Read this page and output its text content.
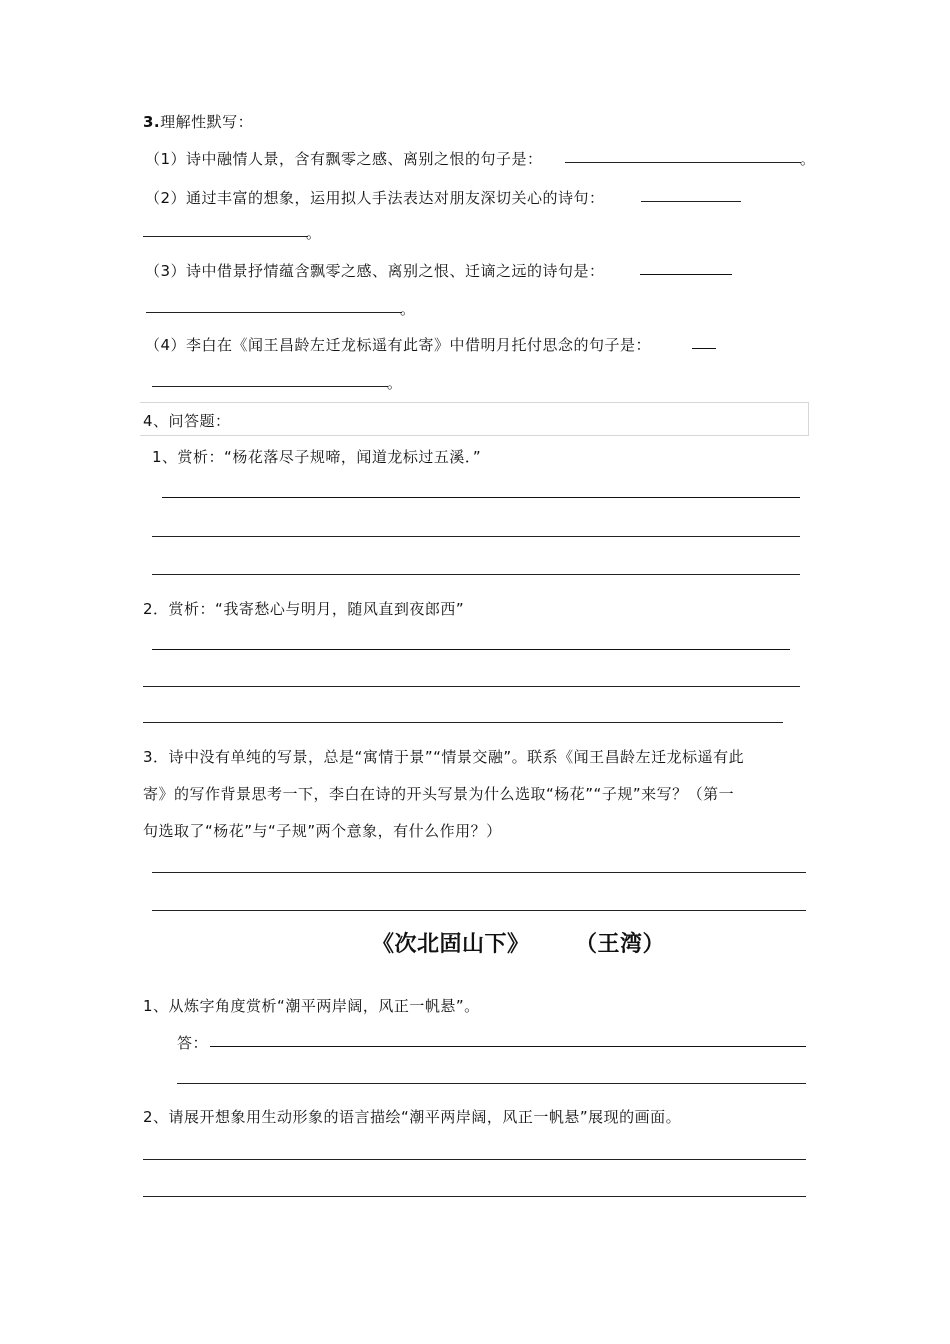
3.理解性默写：
（1）诗中融情人景，含有飘零之感、离别之恨的句子是：	。
（2）通过丰富的想象，运用拟人手法表达对朋友深切关心的诗句：
。
（3）诗中借景抒情蕴含飘零之感、离别之恨、迁谪之远的诗句是：
。
（4）李白在《闻王昌龄左迁龙标遥有此寄》中借明月托付思念的句子是：
。
4、问答题：
1、赏析：“杨花落尽子规啼，闻道龙标过五溪．”
2．赏析：“我寄愁心与明月，随风直到夜郎西”
3．诗中没有单纯的写景，总是“寓情于景”“情景交融”。联系《闻王昌龄左迁龙标遥有此
寄》的写作背景思考一下，李白在诗的开头写景为什么选取“杨花”“子规”来写？（第一
句选取了“杨花”与“子规”两个意象，有什么作用？）
《次北固山下》 （王湾）
1、从炼字角度赏析“潮平两岸阔，风正一帆悬”。
答：
2、请展开想象用生动形象的语言描绘“潮平两岸阔，风正一帆悬”展现的画面。
